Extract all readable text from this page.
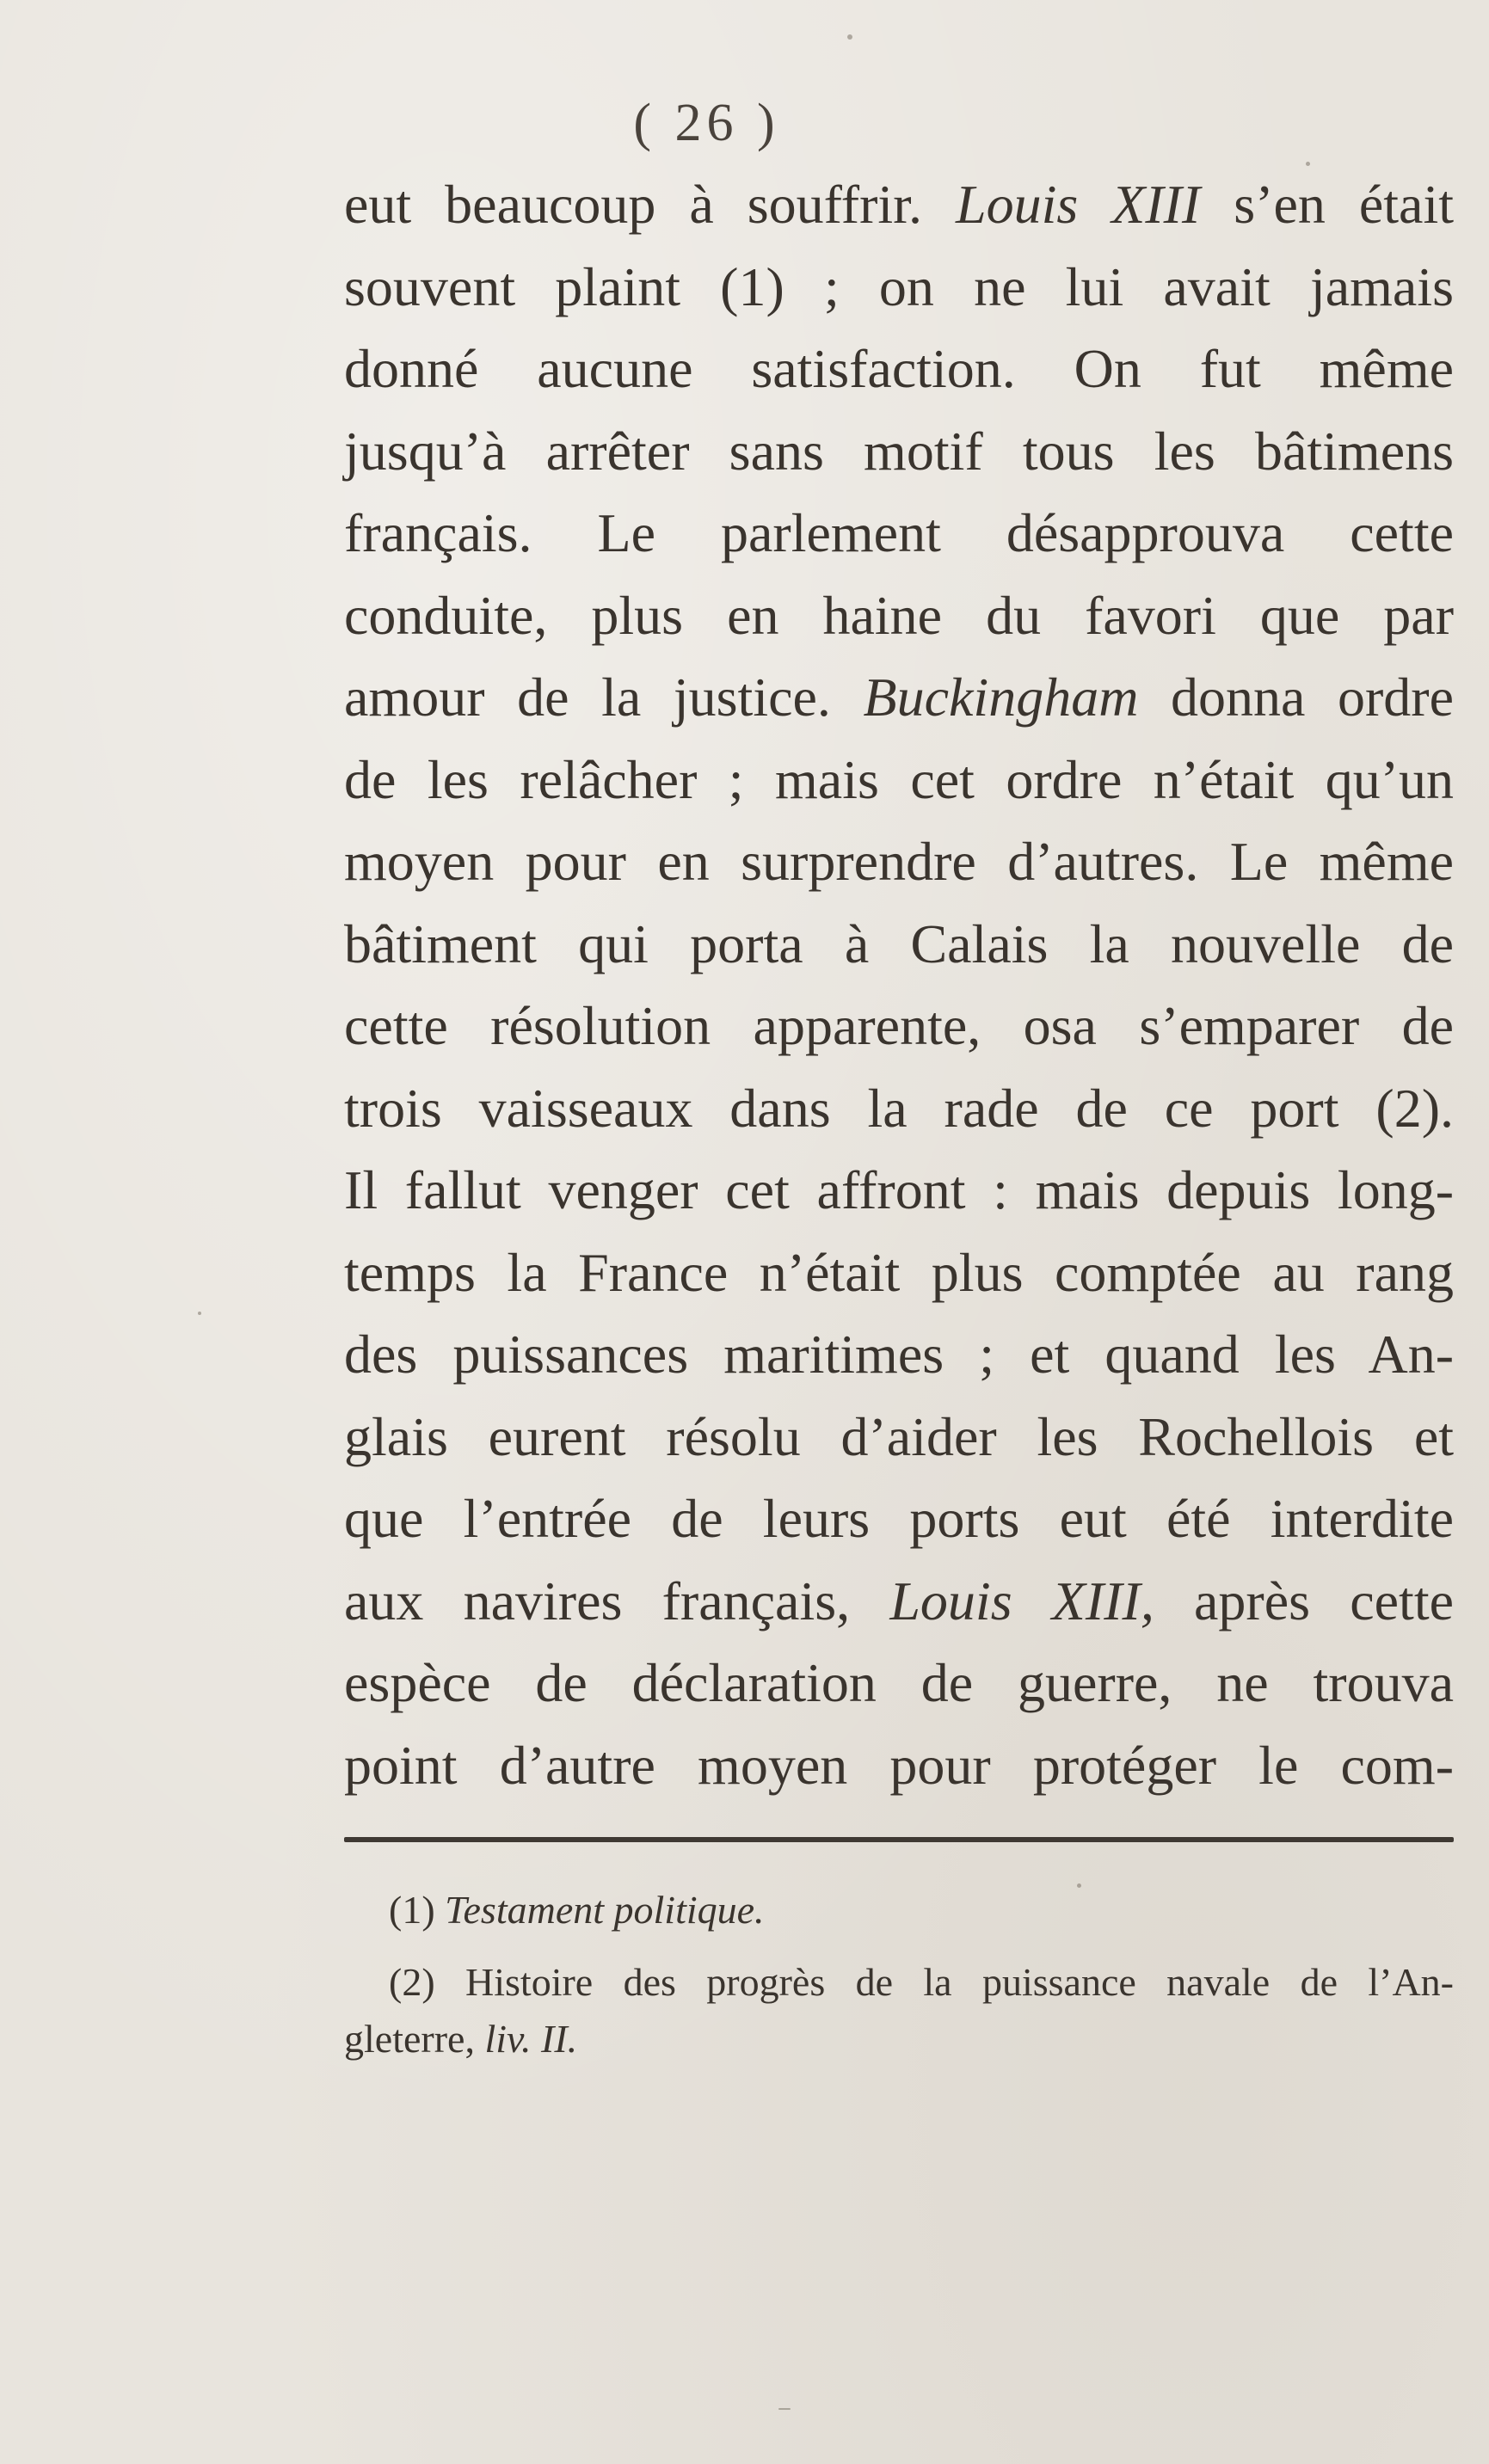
( 26 )
eut beaucoup à souffrir. Louis XIII s’en était
souvent plaint (1) ; on ne lui avait jamais
donné aucune satisfaction. On fut même
jusqu’à arrêter sans motif tous les bâtimens
français. Le parlement désapprouva cette
conduite, plus en haine du favori que par
amour de la justice. Buckingham donna ordre
de les relâcher ; mais cet ordre n’était qu’un
moyen pour en surprendre d’autres. Le même
bâtiment qui porta à Calais la nouvelle de
cette résolution apparente, osa s’emparer de
trois vaisseaux dans la rade de ce port (2).
Il fallut venger cet affront : mais depuis long-
temps la France n’était plus comptée au rang
des puissances maritimes ; et quand les An-
glais eurent résolu d’aider les Rochellois et
que l’entrée de leurs ports eut été interdite
aux navires français, Louis XIII, après cette
espèce de déclaration de guerre, ne trouva
point d’autre moyen pour protéger le com-
(1) Testament politique.
(2) Histoire des progrès de la puissance navale de l’An-
gleterre, liv. II.
